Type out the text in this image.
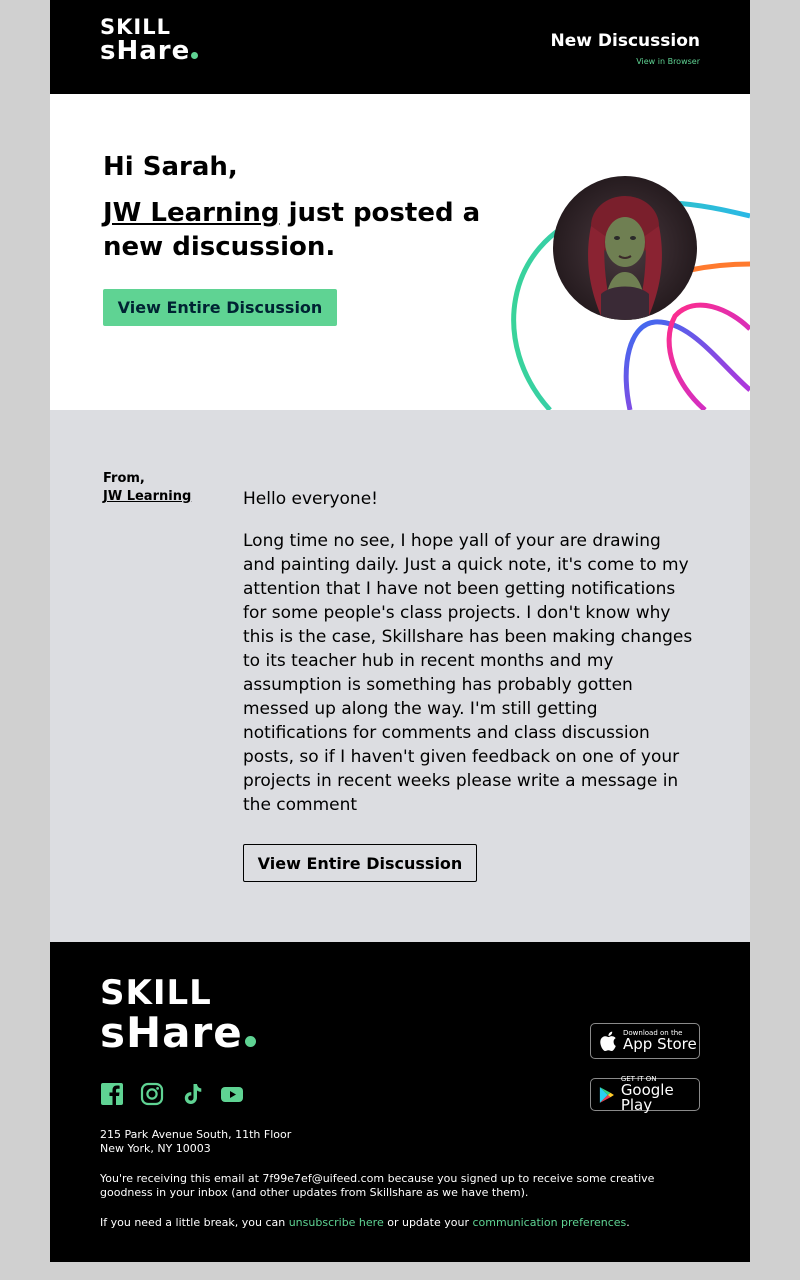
SKILL
sHare	New Discussion
View in Browser
Hi Sarah,
JW Learning just posted a new discussion.
View Entire Discussion
From,
JW Learning	Hello everyone!
Long time no see, I hope yall of your are drawing and painting daily. Just a quick note, it's come to my attention that I have not been getting notifications for some people's class projects. I don't know why this is the case, Skillshare has been making changes to its teacher hub in recent months and my assumption is something has probably gotten messed up along the way. I'm still getting notifications for comments and class discussion posts, so if I haven't given feedback on one of your projects in recent weeks please write a message in the comment
View Entire Discussion
SKILL
sHare	Download on the
App Store
GET IT ON
Google Play
215 Park Avenue South, 11th Floor
New York, NY 10003
You're receiving this email at 7f99e7ef@uifeed.com because you signed up to receive some creative goodness in your inbox (and other updates from Skillshare as we have them).
If you need a little break, you can unsubscribe here or update your communication preferences.
